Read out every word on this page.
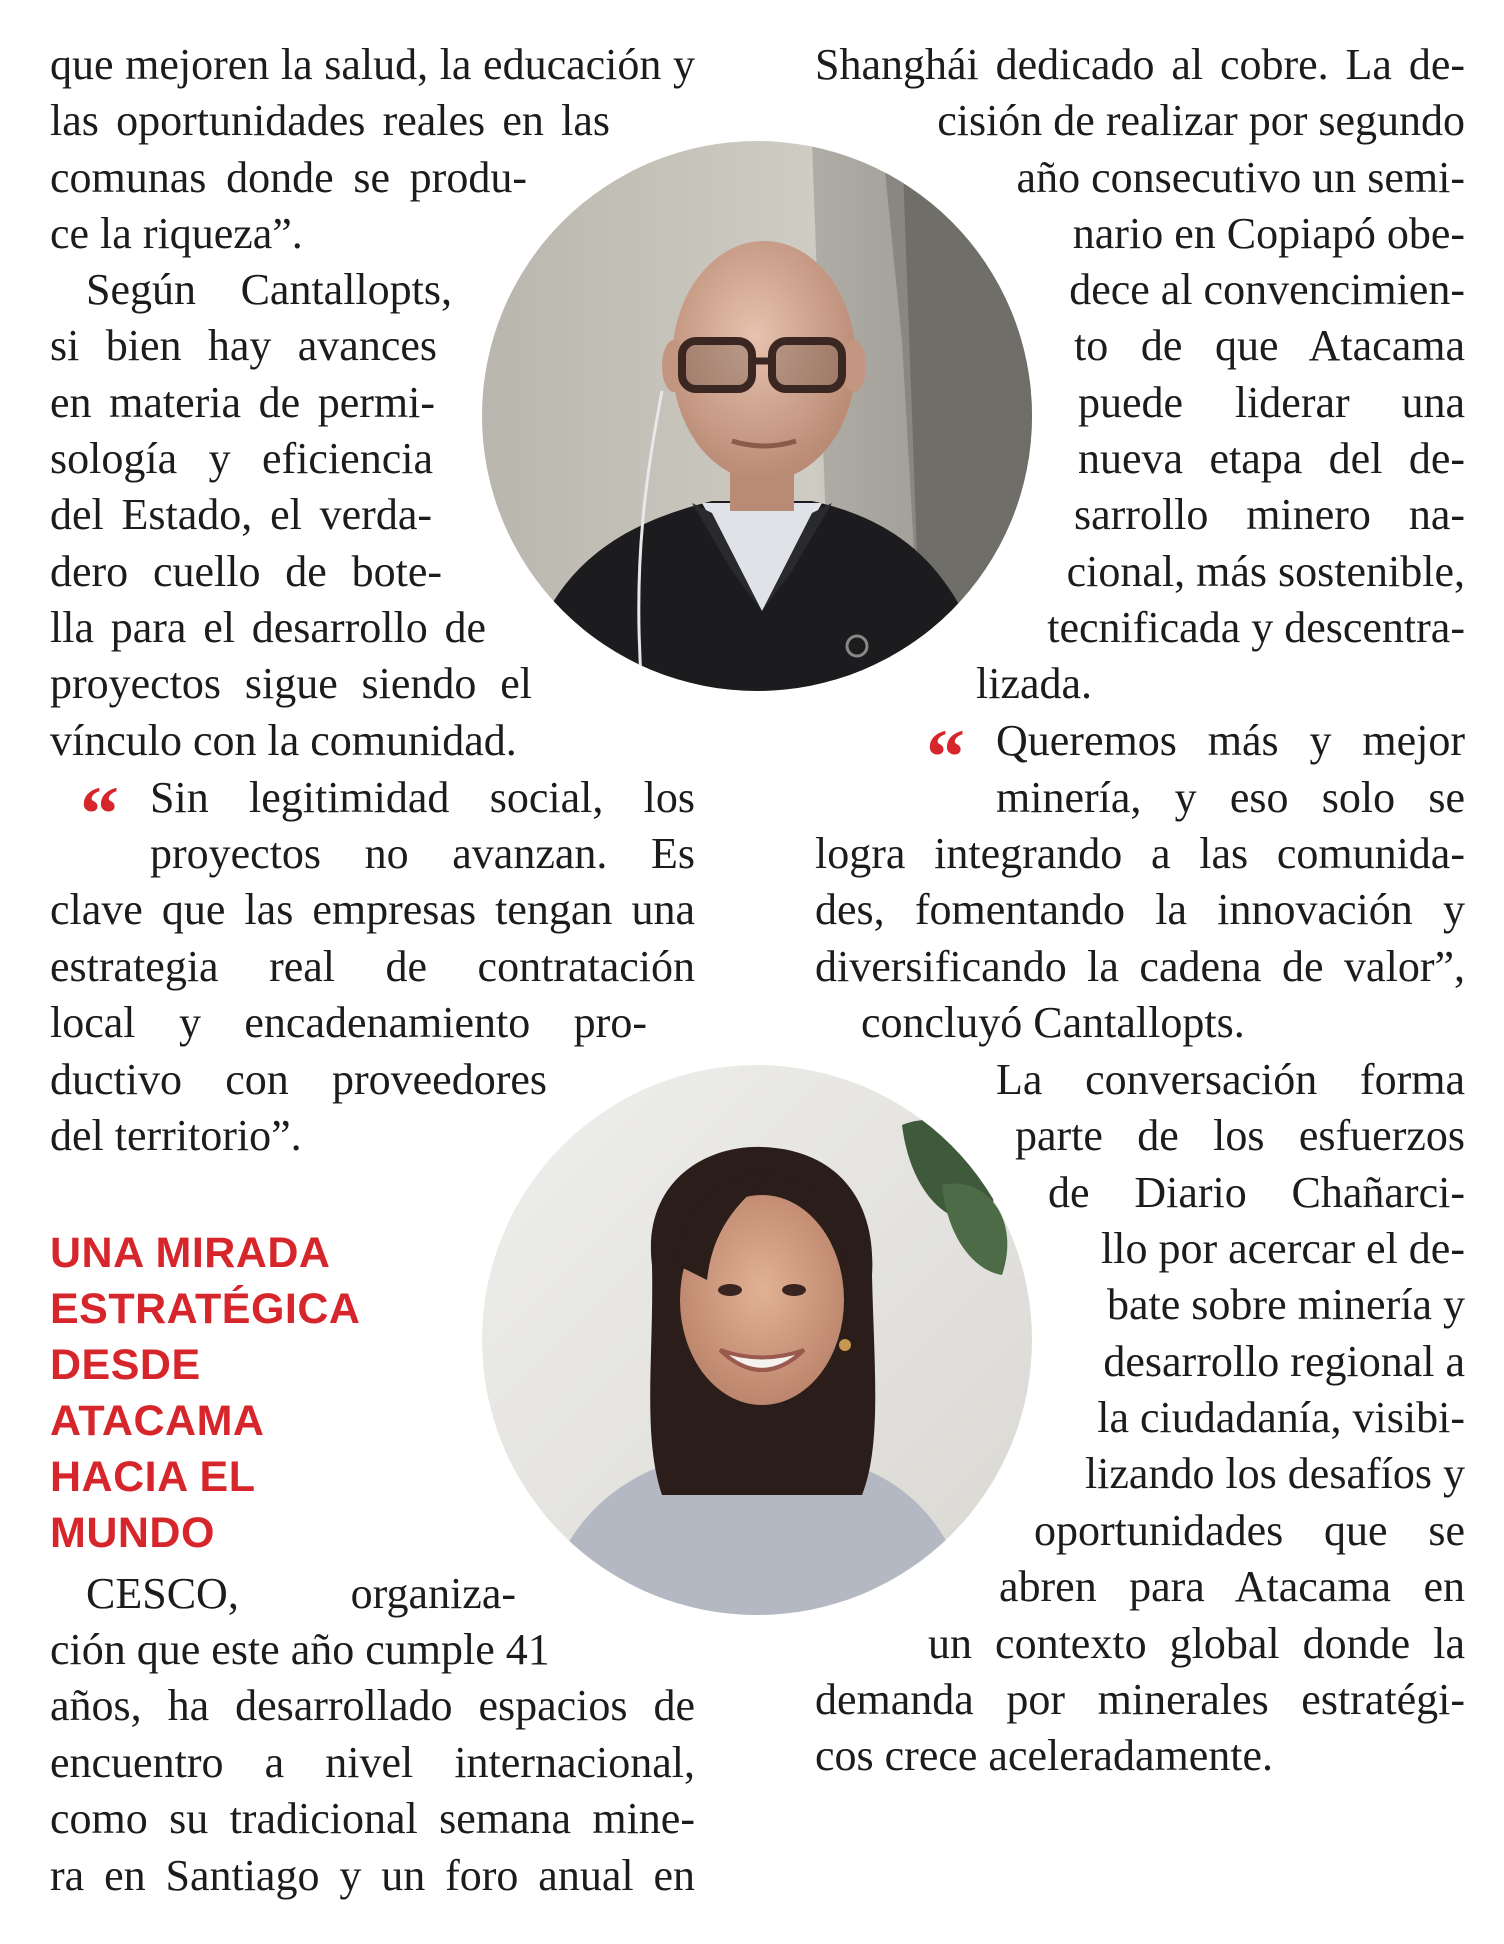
que mejoren la salud, la educación y

las oportunidades reales en las

comunas donde se produ-

ce la riqueza”.

Según Cantallopts,

si bien hay avances

en materia de permi-

sología y eficiencia

del Estado, el verda-

dero cuello de bote-

lla para el desarrollo de

proyectos sigue siendo el

vínculo con la comunidad.

“ Sin legitimidad social, los

proyectos no avanzan. Es

clave que las empresas tengan una

estrategia real de contratación

local y encadenamiento pro-

ductivo con proveedores

del territorio”.

UNA MIRADA
ESTRATÉGICA
DESDE
ATACAMA
HACIA EL
MUNDO

CESCO, organiza-

ción que este año cumple 41

años, ha desarrollado espacios de

encuentro a nivel internacional,

como su tradicional semana mine-

ra en Santiago y un foro anual en

Shanghái dedicado al cobre. La de-

cisión de realizar por segundo

año consecutivo un semi-

nario en Copiapó obe-

dece al convencimien-

to de que Atacama

puede liderar una

nueva etapa del de-

sarrollo minero na-

cional, más sostenible,

tecnificada y descentra-

lizada.

“ Queremos más y mejor

minería, y eso solo se

logra integrando a las comunida-

des, fomentando la innovación y

diversificando la cadena de valor”,

concluyó Cantallopts.

La conversación forma

parte de los esfuerzos

de Diario Chañarci-

llo por acercar el de-

bate sobre minería y

desarrollo regional a

la ciudadanía, visibi-

lizando los desafíos y

oportunidades que se

abren para Atacama en

un contexto global donde la

demanda por minerales estratégi-

cos crece aceleradamente.
